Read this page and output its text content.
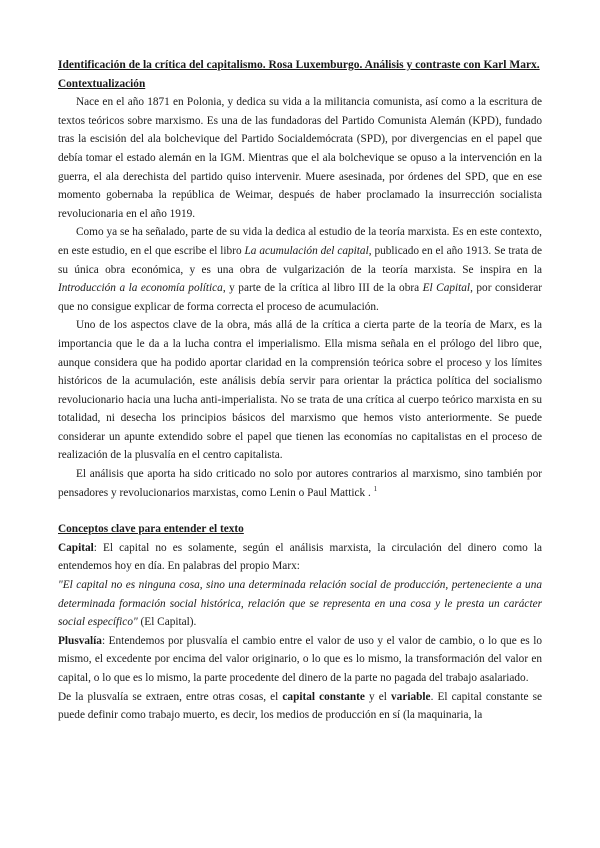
Identificación de la crítica del capitalismo. Rosa Luxemburgo. Análisis y contraste con Karl Marx.

Contextualización

Nace en el año 1871 en Polonia, y dedica su vida a la militancia comunista, así como a la escritura de textos teóricos sobre marxismo. Es una de las fundadoras del Partido Comunista Alemán (KPD), fundado tras la escisión del ala bolchevique del Partido Socialdemócrata (SPD), por divergencias en el papel que debía tomar el estado alemán en la IGM. Mientras que el ala bolchevique se opuso a la intervención en la guerra, el ala derechista del partido quiso intervenir. Muere asesinada, por órdenes del SPD, que en ese momento gobernaba la república de Weimar, después de haber proclamado la insurrección socialista revolucionaria en el año 1919.

Como ya se ha señalado, parte de su vida la dedica al estudio de la teoría marxista. Es en este contexto, en este estudio, en el que escribe el libro La acumulación del capital, publicado en el año 1913. Se trata de su única obra económica, y es una obra de vulgarización de la teoría marxista. Se inspira en la Introducción a la economía política, y parte de la crítica al libro III de la obra El Capital, por considerar que no consigue explicar de forma correcta el proceso de acumulación.

Uno de los aspectos clave de la obra, más allá de la crítica a cierta parte de la teoría de Marx, es la importancia que le da a la lucha contra el imperialismo. Ella misma señala en el prólogo del libro que, aunque considera que ha podido aportar claridad en la comprensión teórica sobre el proceso y los límites históricos de la acumulación, este análisis debía servir para orientar la práctica política del socialismo revolucionario hacia una lucha anti-imperialista. No se trata de una crítica al cuerpo teórico marxista en su totalidad, ni desecha los principios básicos del marxismo que hemos visto anteriormente. Se puede considerar un apunte extendido sobre el papel que tienen las economías no capitalistas en el proceso de realización de la plusvalía en el centro capitalista.

El análisis que aporta ha sido criticado no solo por autores contrarios al marxismo, sino también por pensadores y revolucionarios marxistas, como Lenin o Paul Mattick . $^1$

Conceptos clave para entender el texto

Capital: El capital no es solamente, según el análisis marxista, la circulación del dinero como la entendemos hoy en día. En palabras del propio Marx:

"El capital no es ninguna cosa, sino una determinada relación social de producción, perteneciente a una determinada formación social histórica, relación que se representa en una cosa y le presta un carácter social específico" (El Capital).

Plusvalía: Entendemos por plusvalía el cambio entre el valor de uso y el valor de cambio, o lo que es lo mismo, el excedente por encima del valor originario, o lo que es lo mismo, la transformación del valor en capital, o lo que es lo mismo, la parte procedente del dinero de la parte no pagada del trabajo asalariado.

De la plusvalía se extraen, entre otras cosas, el capital constante y el variable. El capital constante se puede definir como trabajo muerto, es decir, los medios de producción en sí (la maquinaria, la
